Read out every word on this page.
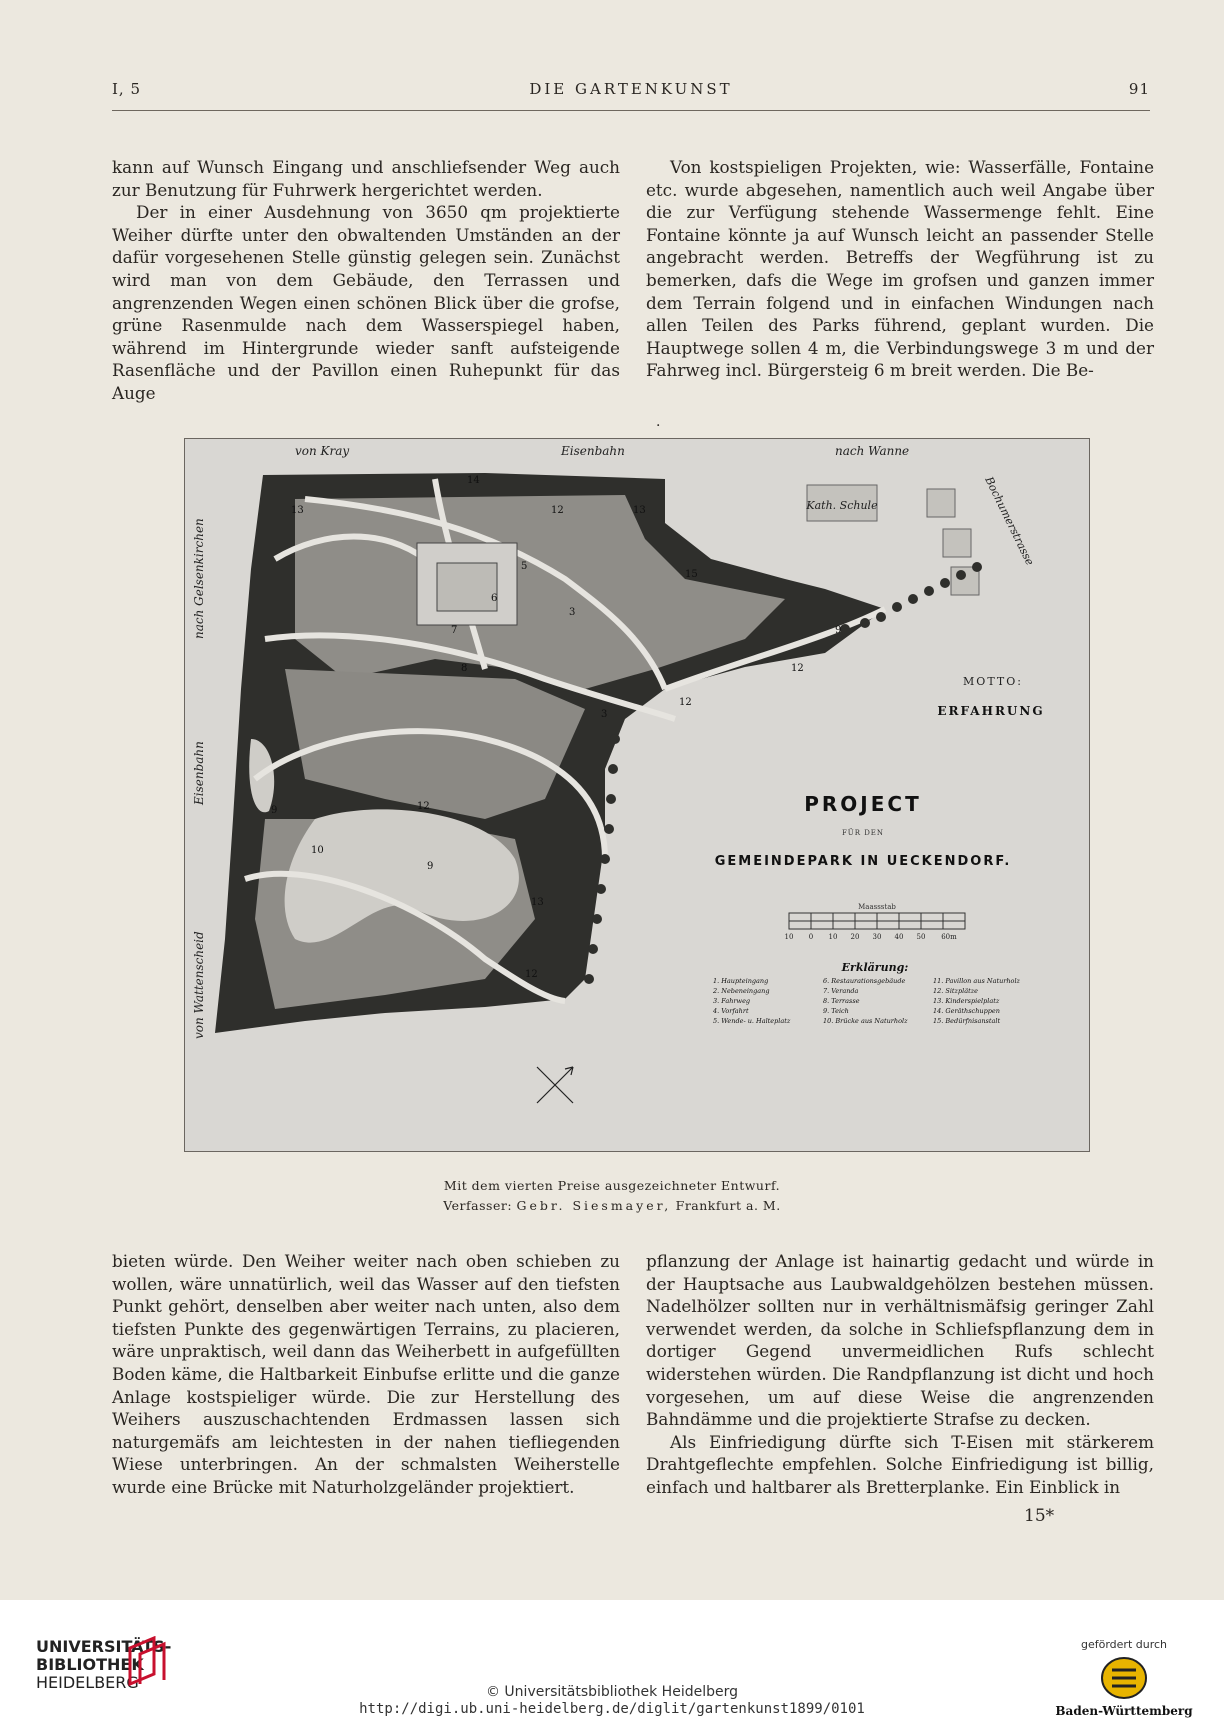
I, 5	DIE GARTENKUNST	91

kann auf Wunsch Eingang und anschliefsender Weg auch zur Benutzung für Fuhrwerk hergerichtet werden.

Der in einer Ausdehnung von 3650 qm projektierte Weiher dürfte unter den obwaltenden Umständen an der dafür vorgesehenen Stelle günstig gelegen sein. Zunächst wird man von dem Gebäude, den Terrassen und angrenzenden Wegen einen schönen Blick über die grofse, grüne Rasenmulde nach dem Wasserspiegel haben, während im Hintergrunde wieder sanft aufsteigende Rasenfläche und der Pavillon einen Ruhepunkt für das Auge

Von kostspieligen Projekten, wie: Wasserfälle, Fontaine etc. wurde abgesehen, namentlich auch weil Angabe über die zur Verfügung stehende Wassermenge fehlt. Eine Fontaine könnte ja auf Wunsch leicht an passender Stelle angebracht werden. Betreffs der Wegführung ist zu bemerken, dafs die Wege im grofsen und ganzen immer dem Terrain folgend und in einfachen Windungen nach allen Teilen des Parks führend, geplant wurden. Die Hauptwege sollen 4 m, die Verbindungswege 3 m und der Fahrweg incl. Bürgersteig 6 m breit werden. Die Be-

·
Kath. Schule
von Kray	Eisenbahn	nach Wanne
nach Gelsenkirchen
Eisenbahn
von Wattenscheid
Bochumerstrasse
14
13	12	13
5
6
7
8
15
3
9
12
12
9
10
9
13
12
12
3
MOTTO:
ERFAHRUNG
PROJECT
FÜR DEN
GEMEINDEPARK IN UECKENDORF.
Maassstab
10 0 10 20 30 40 50 60m
Erklärung:
1. Haupteingang
2. Nebeneingang
3. Fahrweg
4. Vorfahrt
5. Wende- u. Halteplatz
6. Restaurationsgebäude
7. Veranda
8. Terrasse
9. Teich
10. Brücke aus Naturholz
11. Pavillon aus Naturholz
12. Sitzplätze
13. Kinderspielplatz
14. Geräthschuppen
15. Bedürfnisanstalt
Mit dem vierten Preise ausgezeichneter Entwurf.
Verfasser: Gebr. Siesmayer, Frankfurt a. M.

bieten würde. Den Weiher weiter nach oben schieben zu wollen, wäre unnatürlich, weil das Wasser auf den tiefsten Punkt gehört, denselben aber weiter nach unten, also dem tiefsten Punkte des gegenwärtigen Terrains, zu placieren, wäre unpraktisch, weil dann das Weiherbett in aufgefüllten Boden käme, die Haltbarkeit Einbufse erlitte und die ganze Anlage kostspieliger würde. Die zur Herstellung des Weihers auszuschachtenden Erdmassen lassen sich naturgemäfs am leichtesten in der nahen tiefliegenden Wiese unterbringen. An der schmalsten Weiherstelle wurde eine Brücke mit Naturholzgeländer projektiert.

pflanzung der Anlage ist hainartig gedacht und würde in der Hauptsache aus Laubwaldgehölzen bestehen müssen. Nadelhölzer sollten nur in verhältnismäfsig geringer Zahl verwendet werden, da solche in Schliefspflanzung dem in dortiger Gegend unvermeidlichen Rufs schlecht widerstehen würden. Die Randpflanzung ist dicht und hoch vorgesehen, um auf diese Weise die angrenzenden Bahndämme und die projektierte Strafse zu decken.

Als Einfriedigung dürfte sich T-Eisen mit stärkerem Drahtgeflechte empfehlen. Solche Einfriedigung ist billig, einfach und haltbarer als Bretterplanke. Ein Einblick in

15*
UNIVERSITÄTS-
BIBLIOTHEK
HEIDELBERG	© Universitätsbibliothek Heidelberg
http://digi.ub.uni-heidelberg.de/diglit/gartenkunst1899/0101
gefördert durch
Baden-Württemberg
